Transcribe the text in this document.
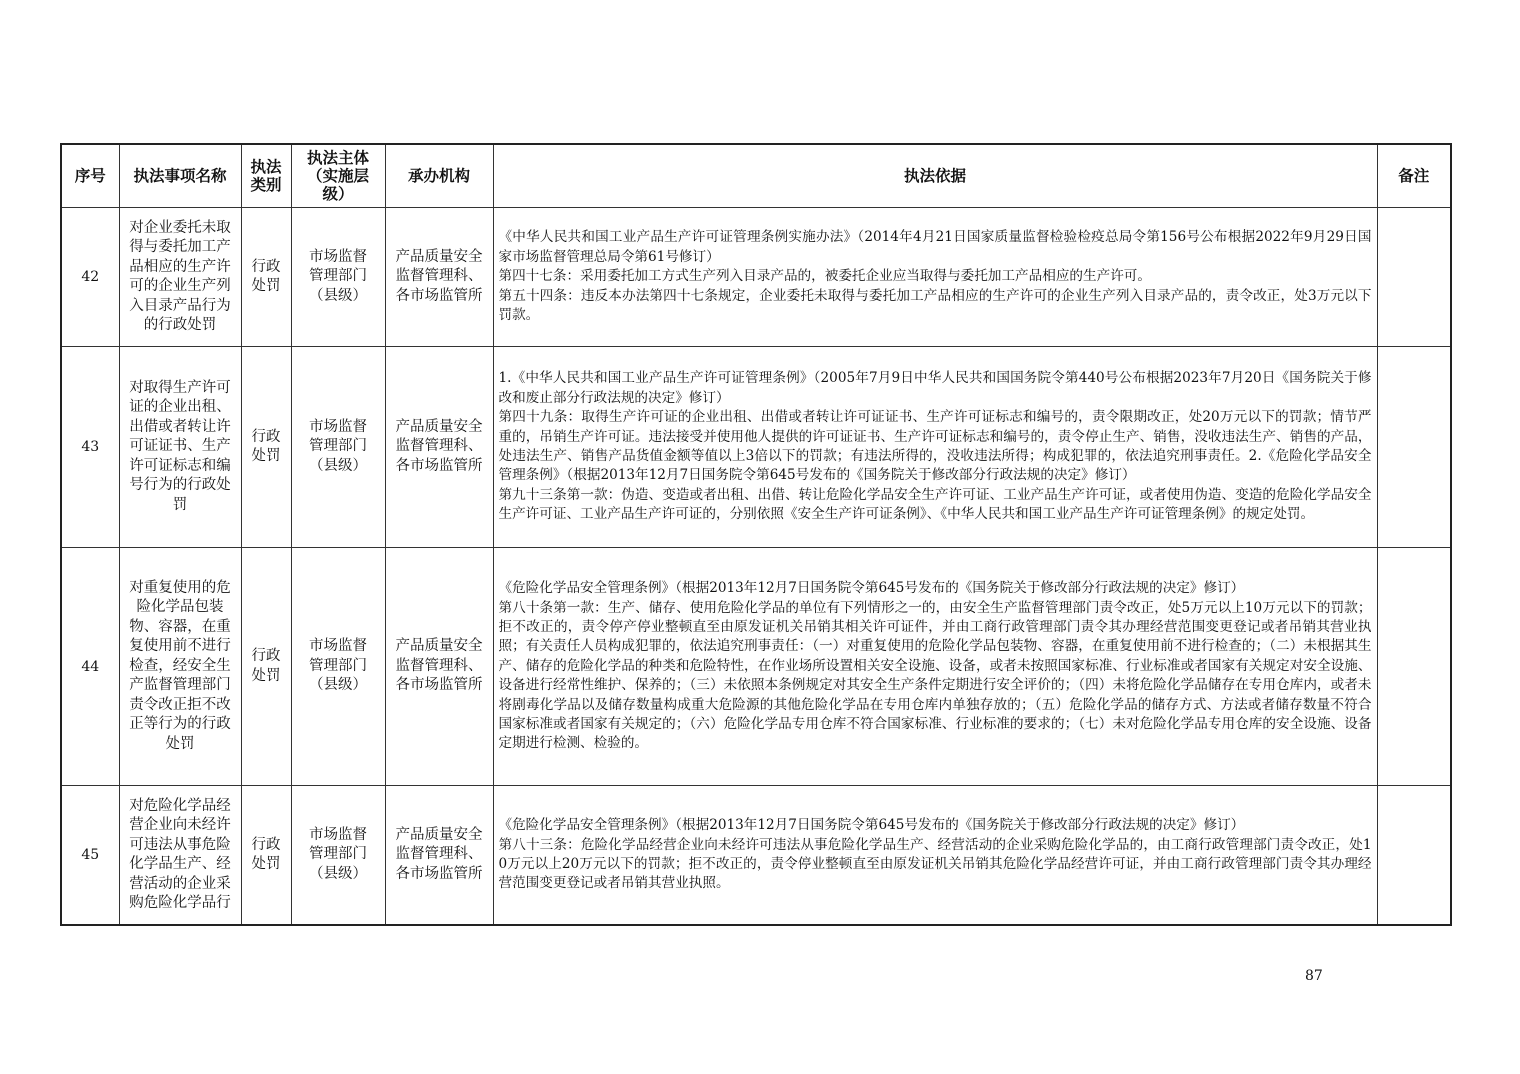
序号	执法事项名称	执法类别	执法主体（实施层级）	承办机构	执法依据	备注
42	对企业委托未取得与委托加工产品相应的生产许可的企业生产列入目录产品行为的行政处罚	行政处罚	市场监督管理部门（县级）	产品质量安全监督管理科、各市场监管所	《中华人民共和国工业产品生产许可证管理条例实施办法》（2014年4月21日国家质量监督检验检疫总局令第156号公布根据2022年9月29日国家市场监督管理总局令第61号修订）

第四十七条：采用委托加工方式生产列入目录产品的，被委托企业应当取得与委托加工产品相应的生产许可。

第五十四条：违反本办法第四十七条规定，企业委托未取得与委托加工产品相应的生产许可的企业生产列入目录产品的，责令改正，处3万元以下罚款。	

43	对取得生产许可证的企业出租、出借或者转让许可证证书、生产许可证标志和编号行为的行政处罚	行政处罚	市场监督管理部门（县级）	产品质量安全监督管理科、各市场监管所	1.《中华人民共和国工业产品生产许可证管理条例》（2005年7月9日中华人民共和国国务院令第440号公布根据2023年7月20日《国务院关于修改和废止部分行政法规的决定》修订）

第四十九条：取得生产许可证的企业出租、出借或者转让许可证证书、生产许可证标志和编号的，责令限期改正，处20万元以下的罚款；情节严重的，吊销生产许可证。违法接受并使用他人提供的许可证证书、生产许可证标志和编号的，责令停止生产、销售，没收违法生产、销售的产品，处违法生产、销售产品货值金额等值以上3倍以下的罚款；有违法所得的，没收违法所得；构成犯罪的，依法追究刑事责任。2.《危险化学品安全管理条例》（根据2013年12月7日国务院令第645号发布的《国务院关于修改部分行政法规的决定》修订）

第九十三条第一款：伪造、变造或者出租、出借、转让危险化学品安全生产许可证、工业产品生产许可证，或者使用伪造、变造的危险化学品安全生产许可证、工业产品生产许可证的，分别依照《安全生产许可证条例》、《中华人民共和国工业产品生产许可证管理条例》的规定处罚。	

44	对重复使用的危险化学品包装物、容器，在重复使用前不进行检查，经安全生产监督管理部门责令改正拒不改正等行为的行政处罚	行政处罚	市场监督管理部门（县级）	产品质量安全监督管理科、各市场监管所	《危险化学品安全管理条例》（根据2013年12月7日国务院令第645号发布的《国务院关于修改部分行政法规的决定》修订）

第八十条第一款：生产、储存、使用危险化学品的单位有下列情形之一的，由安全生产监督管理部门责令改正，处5万元以上10万元以下的罚款；拒不改正的，责令停产停业整顿直至由原发证机关吊销其相关许可证件，并由工商行政管理部门责令其办理经营范围变更登记或者吊销其营业执照；有关责任人员构成犯罪的，依法追究刑事责任：（一）对重复使用的危险化学品包装物、容器，在重复使用前不进行检查的；（二）未根据其生产、储存的危险化学品的种类和危险特性，在作业场所设置相关安全设施、设备，或者未按照国家标准、行业标准或者国家有关规定对安全设施、设备进行经常性维护、保养的；（三）未依照本条例规定对其安全生产条件定期进行安全评价的；（四）未将危险化学品储存在专用仓库内，或者未将剧毒化学品以及储存数量构成重大危险源的其他危险化学品在专用仓库内单独存放的；（五）危险化学品的储存方式、方法或者储存数量不符合国家标准或者国家有关规定的；（六）危险化学品专用仓库不符合国家标准、行业标准的要求的；（七）未对危险化学品专用仓库的安全设施、设备定期进行检测、检验的。	

45	对危险化学品经营企业向未经许可违法从事危险化学品生产、经营活动的企业采购危险化学品行	行政处罚	市场监督管理部门（县级）	产品质量安全监督管理科、各市场监管所	《危险化学品安全管理条例》（根据2013年12月7日国务院令第645号发布的《国务院关于修改部分行政法规的决定》修订）

第八十三条：危险化学品经营企业向未经许可违法从事危险化学品生产、经营活动的企业采购危险化学品的，由工商行政管理部门责令改正，处10万元以上20万元以下的罚款；拒不改正的，责令停业整顿直至由原发证机关吊销其危险化学品经营许可证，并由工商行政管理部门责令其办理经营范围变更登记或者吊销其营业执照。	

87
